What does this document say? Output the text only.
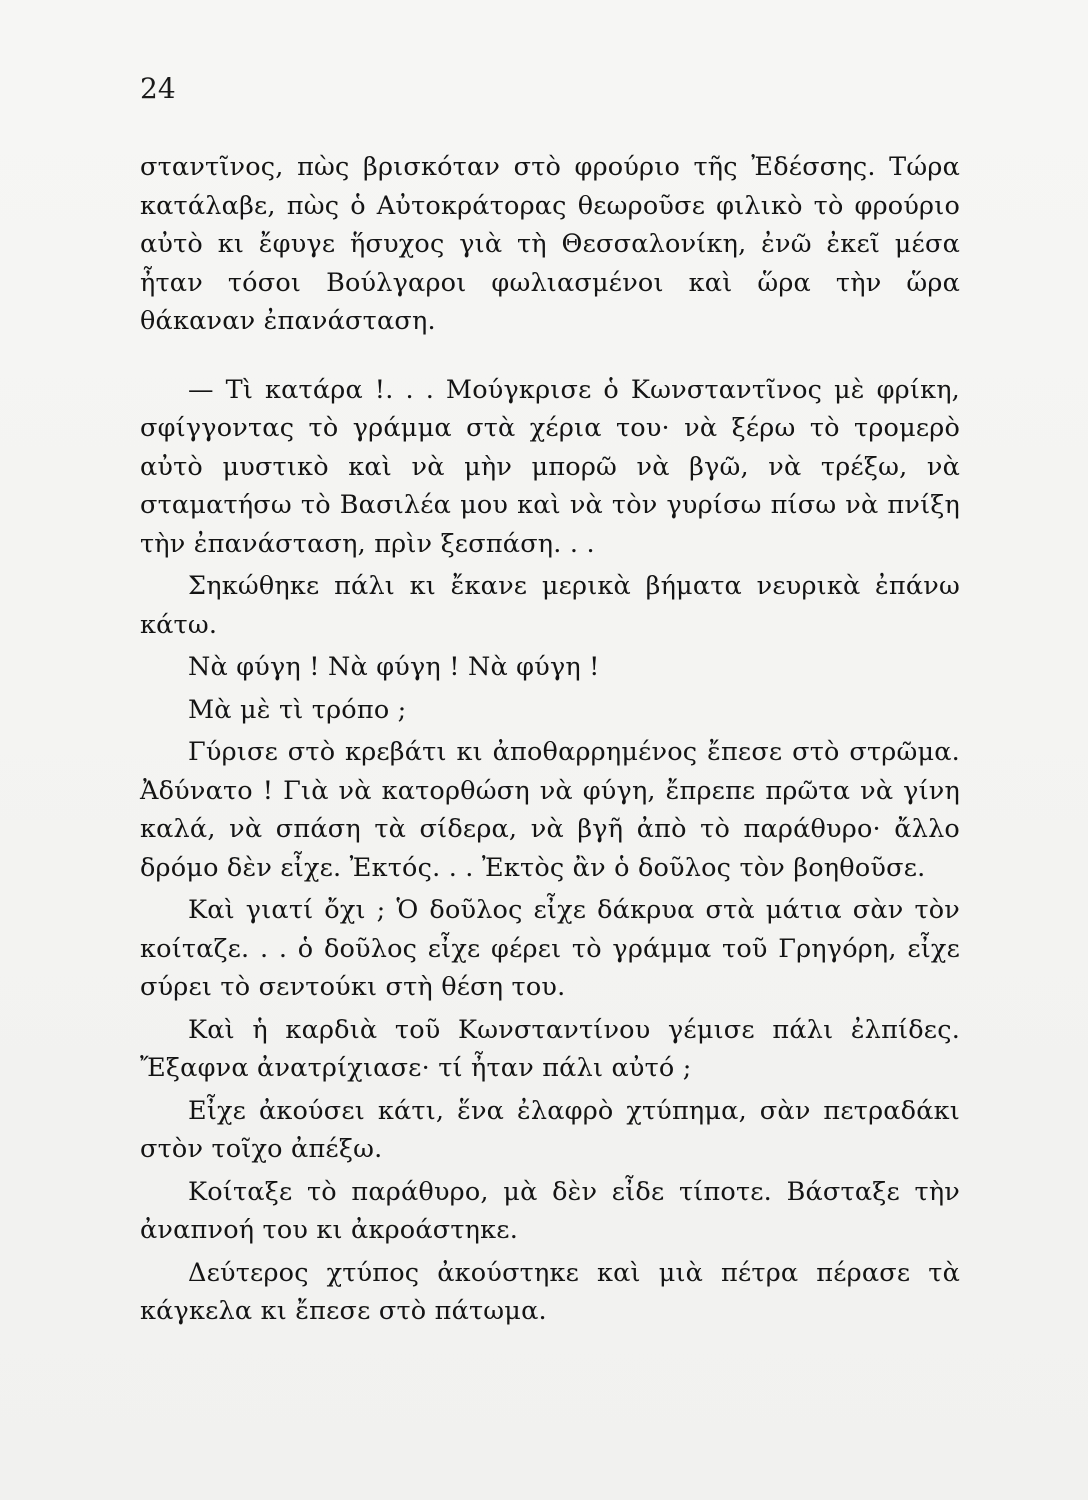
24

σταντῖνος, πὼς βρισκόταν στὸ φρούριο τῆς Ἐδέσσης. Τώρα κατάλαβε, πὼς ὁ Αὐτοκράτορας θεωροῦσε φιλικὸ τὸ φρούριο αὐτὸ κι ἔφυγε ἥσυχος γιὰ τὴ Θεσσαλονίκη, ἐνῶ ἐκεῖ μέσα ἦταν τόσοι Βούλγαροι φωλιασμένοι καὶ ὥρα τὴν ὥρα θάκαναν ἐπανάσταση.

— Τὶ κατάρα !. . . Μούγκρισε ὁ Κωνσταντῖνος μὲ φρίκη, σφίγγοντας τὸ γράμμα στὰ χέρια του· νὰ ξέρω τὸ τρομερὸ αὐτὸ μυστικὸ καὶ νὰ μὴν μπορῶ νὰ βγῶ, νὰ τρέξω, νὰ σταματήσω τὸ Βασιλέα μου καὶ νὰ τὸν γυρίσω πίσω νὰ πνίξη τὴν ἐπανάσταση, πρὶν ξεσπάση. . .

Σηκώθηκε πάλι κι ἔκανε μερικὰ βήματα νευρικὰ ἐπάνω κάτω.

Νὰ φύγη ! Νὰ φύγη ! Νὰ φύγη !

Μὰ μὲ τὶ τρόπο ;

Γύρισε στὸ κρεβάτι κι ἀποθαρρημένος ἔπεσε στὸ στρῶμα. Ἀδύνατο ! Γιὰ νὰ κατορθώση νὰ φύγη, ἔπρεπε πρῶτα νὰ γίνη καλά, νὰ σπάση τὰ σίδερα, νὰ βγῆ ἀπὸ τὸ παράθυρο· ἄλλο δρόμο δὲν εἶχε. Ἐκτός. . . Ἐκτὸς ἂν ὁ δοῦλος τὸν βοηθοῦσε.

Καὶ γιατί ὄχι ; Ὁ δοῦλος εἶχε δάκρυα στὰ μάτια σὰν τὸν κοίταζε. . . ὁ δοῦλος εἶχε φέρει τὸ γράμμα τοῦ Γρηγόρη, εἶχε σύρει τὸ σεντούκι στὴ θέση του.

Καὶ ἡ καρδιὰ τοῦ Κωνσταντίνου γέμισε πάλι ἐλπίδες. Ἔξαφνα ἀνατρίχιασε· τί ἦταν πάλι αὐτό ;

Εἶχε ἀκούσει κάτι, ἕνα ἐλαφρὸ χτύπημα, σὰν πετραδάκι στὸν τοῖχο ἀπέξω.

Κοίταξε τὸ παράθυρο, μὰ δὲν εἶδε τίποτε. Βάσταξε τὴν ἀναπνοή του κι ἀκροάστηκε.

Δεύτερος χτύπος ἀκούστηκε καὶ μιὰ πέτρα πέρασε τὰ κάγκελα κι ἔπεσε στὸ πάτωμα.
